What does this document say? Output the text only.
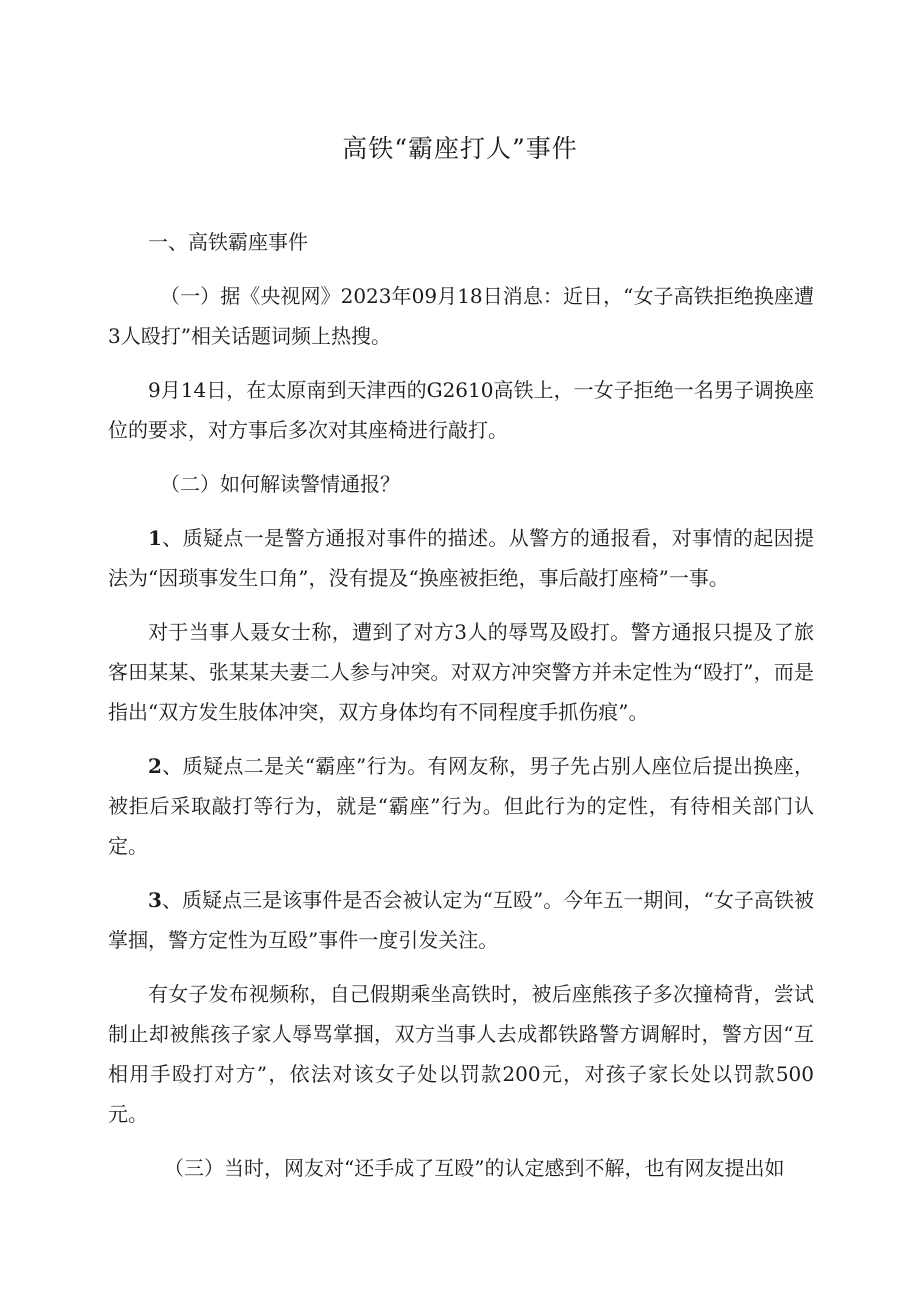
高铁“霸座打人”事件

一、高铁霸座事件

（一）据《央视网》2023年09月18日消息：近日，“女子高铁拒绝换座遭3人殴打”相关话题词频上热搜。

9月14日，在太原南到天津西的G2610高铁上，一女子拒绝一名男子调换座位的要求，对方事后多次对其座椅进行敲打。

（二）如何解读警情通报？

1、质疑点一是警方通报对事件的描述。从警方的通报看，对事情的起因提法为“因琐事发生口角”，没有提及“换座被拒绝，事后敲打座椅”一事。

对于当事人聂女士称，遭到了对方3人的辱骂及殴打。警方通报只提及了旅客田某某、张某某夫妻二人参与冲突。对双方冲突警方并未定性为“殴打”，而是指出“双方发生肢体冲突，双方身体均有不同程度手抓伤痕”。

2、质疑点二是关“霸座”行为。有网友称，男子先占别人座位后提出换座，被拒后采取敲打等行为，就是“霸座”行为。但此行为的定性，有待相关部门认定。

3、质疑点三是该事件是否会被认定为“互殴”。今年五一期间，“女子高铁被掌掴，警方定性为互殴”事件一度引发关注。

有女子发布视频称，自己假期乘坐高铁时，被后座熊孩子多次撞椅背，尝试制止却被熊孩子家人辱骂掌掴，双方当事人去成都铁路警方调解时，警方因“互相用手殴打对方”，依法对该女子处以罚款200元，对孩子家长处以罚款500元。

（三）当时，网友对“还手成了互殴”的认定感到不解，也有网友提出如
